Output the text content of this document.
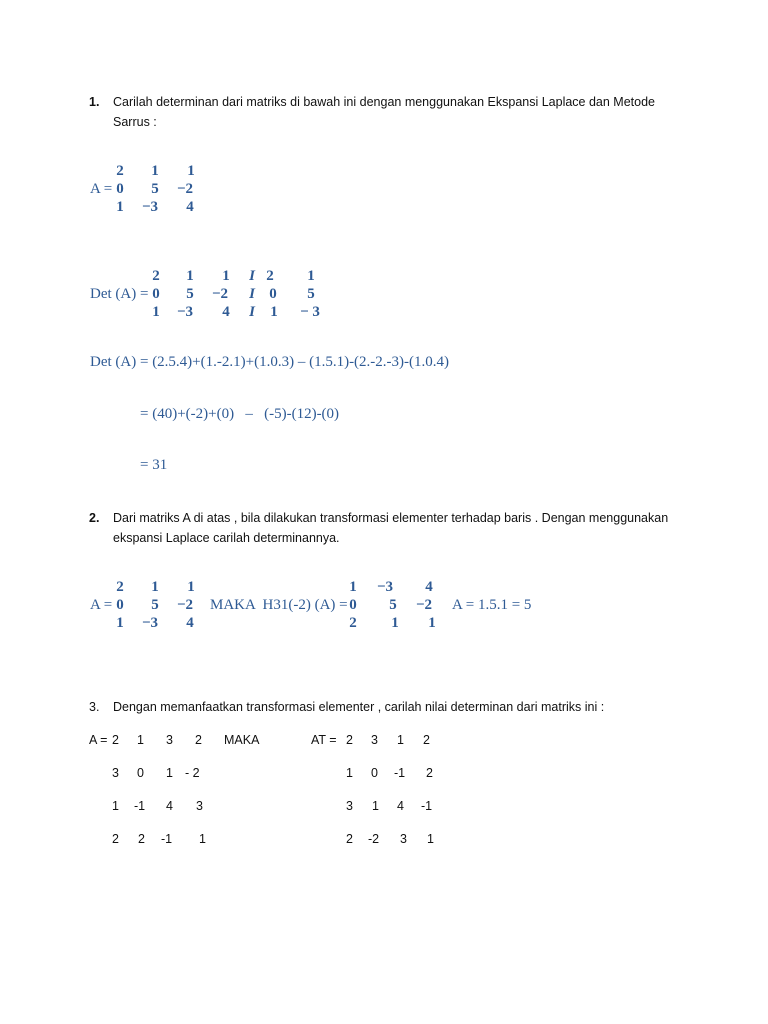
1. Carilah determinan dari matriks di bawah ini dengan menggunakan Ekspansi Laplace dan Metode
Sarrus :
A =
2	1	1
0	5	−2
1	−3	4
Det (A) =
2	1	1	I 2	1
0	5	−2	I 0	5
1	−3	4	I	1	− 3
Det (A) = (2.5.4)+(1.-2.1)+(1.0.3) – (1.5.1)-(2.-2.-3)-(1.0.4)
= (40)+(-2)+(0)   –   (-5)-(12)-(0)
= 31
2. Dari matriks A di atas , bila dilakukan transformasi elementer terhadap baris . Dengan menggunakan
ekspansi Laplace carilah determinannya.
A =
2	1	1
0	5	−2
1	−3	4
MAKA  H31(-2) (A) =
1	−3	4
0	5	−2
2	1	1
A = 1.5.1 = 5
3. Dengan memanfaatkan transformasi elementer , carilah nilai determinan dari matriks ini :
A =	MAKA	AT =
2 1 3 2
3 0 1 - 2
1 -1 4 3
2 2 -1 1
2 3 1 2
1 0 -1 2
3 1 4 -1
2 -2 3 1
